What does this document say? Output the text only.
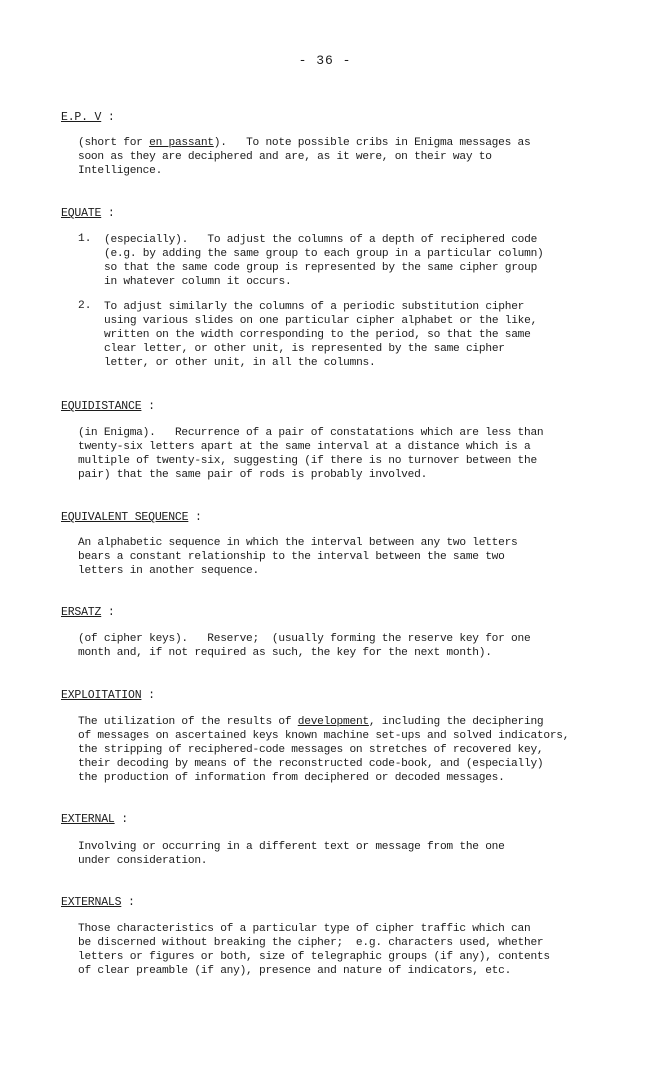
- 36 -
E.P. V :
(short for en passant).   To note possible cribs in Enigma messages as
soon as they are deciphered and are, as it were, on their way to
Intelligence.
EQUATE :
1. (especially).   To adjust the columns of a depth of reciphered code
(e.g. by adding the same group to each group in a particular column)
so that the same code group is represented by the same cipher group
in whatever column it occurs.
2. To adjust similarly the columns of a periodic substitution cipher
using various slides on one particular cipher alphabet or the like,
written on the width corresponding to the period, so that the same
clear letter, or other unit, is represented by the same cipher
letter, or other unit, in all the columns.
EQUIDISTANCE :
(in Enigma).   Recurrence of a pair of constatations which are less than
twenty-six letters apart at the same interval at a distance which is a
multiple of twenty-six, suggesting (if there is no turnover between the
pair) that the same pair of rods is probably involved.
EQUIVALENT SEQUENCE :
An alphabetic sequence in which the interval between any two letters
bears a constant relationship to the interval between the same two
letters in another sequence.
ERSATZ :
(of cipher keys).   Reserve;  (usually forming the reserve key for one
month and, if not required as such, the key for the next month).
EXPLOITATION :
The utilization of the results of development, including the deciphering
of messages on ascertained keys known machine set-ups and solved indicators,
the stripping of reciphered-code messages on stretches of recovered key,
their decoding by means of the reconstructed code-book, and (especially)
the production of information from deciphered or decoded messages.
EXTERNAL :
Involving or occurring in a different text or message from the one
under consideration.
EXTERNALS :
Those characteristics of a particular type of cipher traffic which can
be discerned without breaking the cipher;  e.g. characters used, whether
letters or figures or both, size of telegraphic groups (if any), contents
of clear preamble (if any), presence and nature of indicators, etc.
